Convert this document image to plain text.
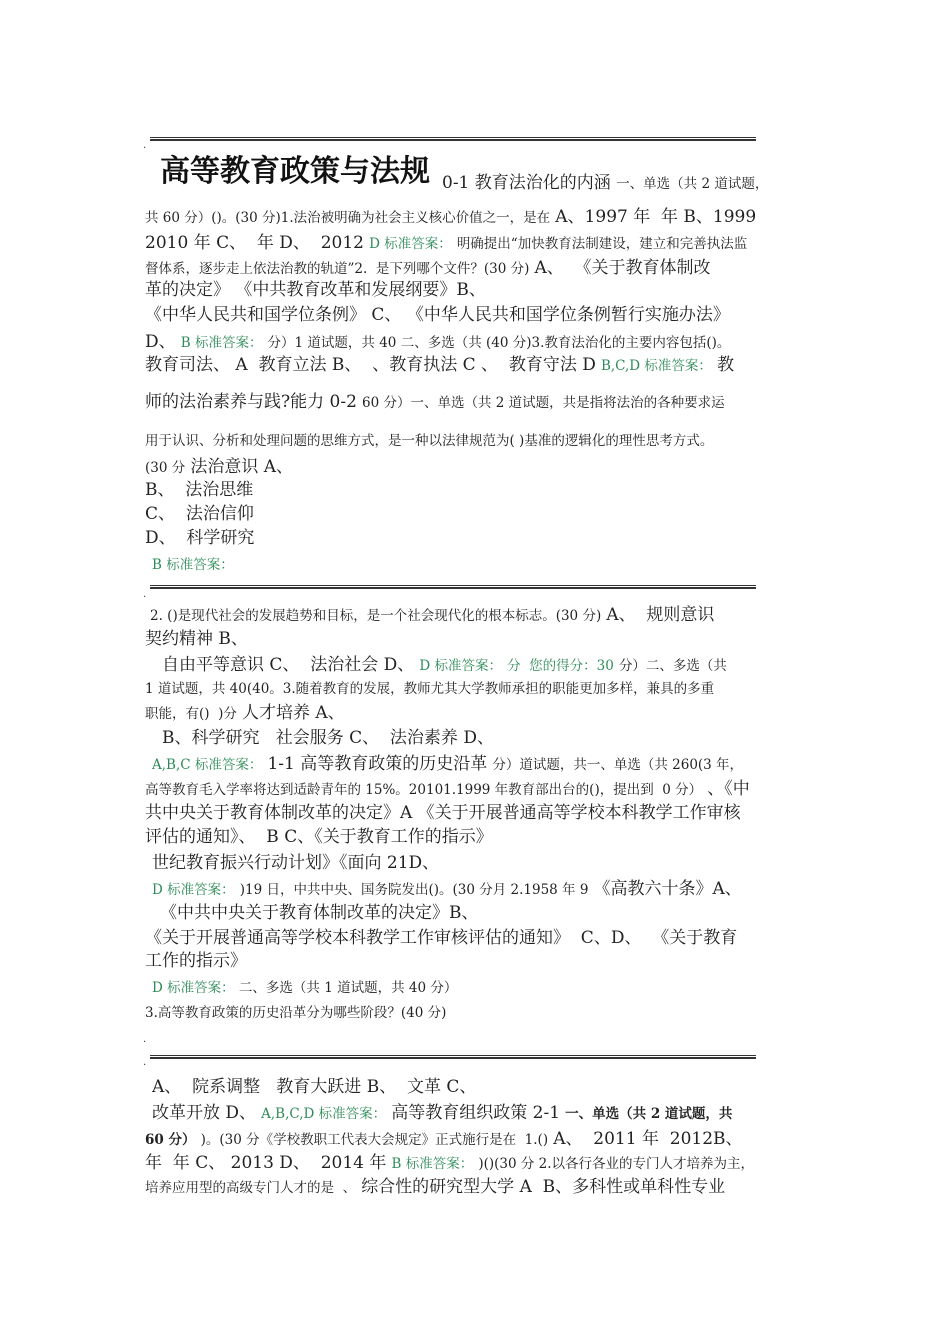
.
高等教育政策与法规 0-1 教育法治化的内涵 一、单选（共 2 道试题，
共 60 分）()。(30 分)1.法治被明确为社会主义核心价值之一，是在 A、1997 年  年 B、1999
2010 年 C、  年 D、  2012 D 标准答案： 明确提出“加快教育法制建设，建立和完善执法监
督体系，逐步走上依法治教的轨道”2.  是下列哪个文件？(30 分) A、  《关于教育体制改
革的决定》 《中共教育改革和发展纲要》B、
《中华人民共和国学位条例》 C、 《中华人民共和国学位条例暂行实施办法》
D、 B 标准答案： 分）1 道试题，共 40 二、多选（共 (40 分)3.教育法治化的主要内容包括()。
教育司法、 A  教育立法 B、  、教育执法 C 、  教育守法 D B,C,D 标准答案： 教
师的法治素养与践?能力 0-2 60 分）一、单选（共 2 道试题，共是指将法治的各种要求运
用于认识、分析和处理问题的思维方式，是一种以法律规范为( )基准的逻辑化的理性思考方式。
(30 分 法治意识 A、
B、  法治思维
C、  法治信仰
D、  科学研究
B 标准答案：
.
2. ()是现代社会的发展趋势和目标，是一个社会现代化的根本标志。(30 分) A、  规则意识
契约精神 B、
自由平等意识 C、  法治社会 D、 D 标准答案： 分  您的得分：30 分）二、多选（共
1 道试题，共 40(40。3.随着教育的发展，教师尤其大学教师承担的职能更加多样，兼具的多重
职能，有()  )分 人才培养 A、
B、科学研究   社会服务 C、  法治素养 D、
A,B,C 标准答案： 1-1 高等教育政策的历史沿革 分）道试题，共一、单选（共 260(3 年，
高等教育毛入学率将达到适龄青年的 15%。20101.1999 年教育部出台的()，提出到  0 分） 、《中
共中央关于教育体制改革的决定》A 《关于开展普通高等学校本科教学工作审核
评估的通知》、  B C、《关于教育工作的指示》
世纪教育振兴行动计划》《面向 21D、
D 标准答案： )19 日，中共中央、国务院发出()。(30 分月 2.1958 年 9 《高教六十条》A、
《中共中央关于教育体制改革的决定》B、
《关于开展普通高等学校本科教学工作审核评估的通知》  C、D、  《关于教育
工作的指示》
D 标准答案： 二、多选（共 1 道试题，共 40 分）
3.高等教育政策的历史沿革分为哪些阶段？(40 分)
.
.
A、  院系调整   教育大跃进 B、  文革 C、
改革开放 D、 A,B,C,D 标准答案： 高等教育组织政策 2-1 一、单选（共 2 道试题，共
60 分） )。(30 分《学校教职工代表大会规定》正式施行是在  1.() A、  2011 年  2012B、
年  年 C、 2013 D、  2014 年 B 标准答案： )()(30 分 2.以各行各业的专门人才培养为主，
培养应用型的高级专门人才的是  、 综合性的研究型大学 A  B、多科性或单科性专业
